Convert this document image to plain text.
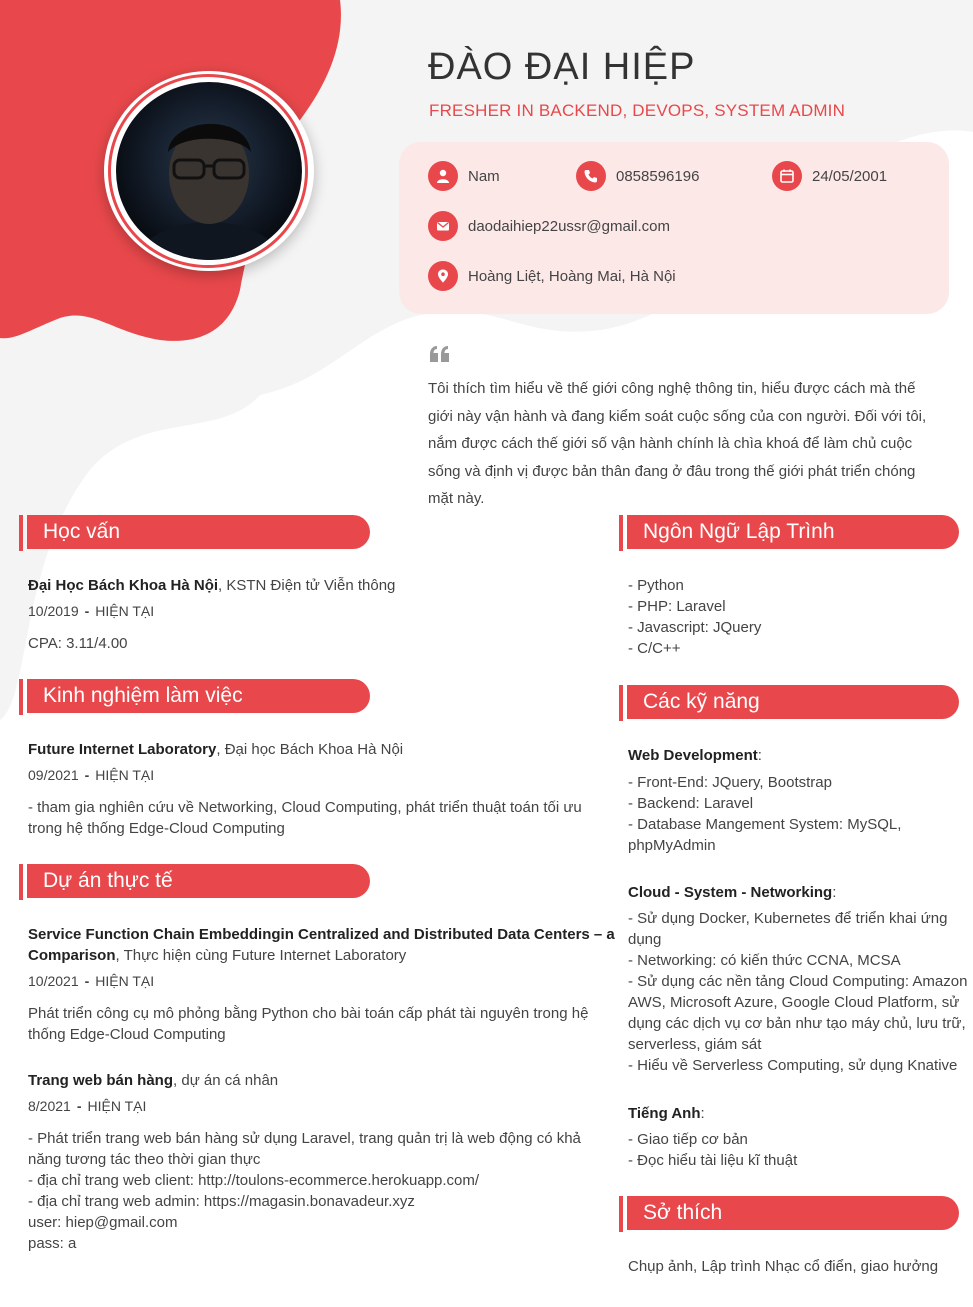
ĐÀO ĐẠI HIỆP
FRESHER IN BACKEND, DEVOPS, SYSTEM ADMIN
Nam	0858596196	24/05/2001
daodaihiep22ussr@gmail.com
Hoàng Liệt, Hoàng Mai, Hà Nội
Tôi thích tìm hiểu về thế giới công nghệ thông tin, hiểu được cách mà thế giới này vận hành và đang kiểm soát cuộc sống của con người. Đối với tôi, nắm được cách thế giới số vận hành chính là chìa khoá để làm chủ cuộc sống và định vị được bản thân đang ở đâu trong thế giới phát triển chóng mặt này.
Học vấn
Đại Học Bách Khoa Hà Nội, KSTN Điện tử Viễn thông
10/2019 - HIỆN TẠI
CPA: 3.11/4.00
Kinh nghiệm làm việc
Future Internet Laboratory, Đại học Bách Khoa Hà Nội
09/2021 - HIỆN TẠI
- tham gia nghiên cứu về Networking, Cloud Computing, phát triển thuật toán tối ưu
trong hệ thống Edge-Cloud Computing
Dự án thực tế
Service Function Chain Embeddingin Centralized and Distributed Data Centers – a
Comparison, Thực hiện cùng Future Internet Laboratory
10/2021 - HIỆN TẠI
Phát triển công cụ mô phỏng bằng Python cho bài toán cấp phát tài nguyên trong hệ
thống Edge-Cloud Computing
Trang web bán hàng, dự án cá nhân
8/2021 - HIỆN TẠI
- Phát triển trang web bán hàng sử dụng Laravel, trang quản trị là web động có khả
năng tương tác theo thời gian thực
- địa chỉ trang web client: http://toulons-ecommerce.herokuapp.com/
- địa chỉ trang web admin: https://magasin.bonavadeur.xyz
user: hiep@gmail.com
pass: a
Ngôn Ngữ Lập Trình
- Python
- PHP: Laravel
- Javascript: JQuery
- C/C++
Các kỹ năng
Web Development:
- Front-End: JQuery, Bootstrap
- Backend: Laravel
- Database Mangement System: MySQL,
phpMyAdmin
Cloud - System - Networking:
- Sử dụng Docker, Kubernetes để triển khai ứng
dụng
- Networking: có kiến thức CCNA, MCSA
- Sử dụng các nền tảng Cloud Computing: Amazon
AWS, Microsoft Azure, Google Cloud Platform, sử
dụng các dịch vụ cơ bản như tạo máy chủ, lưu trữ,
serverless, giám sát
- Hiểu về Serverless Computing, sử dụng Knative
Tiếng Anh:
- Giao tiếp cơ bản
- Đọc hiểu tài liệu kĩ thuật
Sở thích
Chụp ảnh, Lập trình Nhạc cổ điển, giao hưởng
